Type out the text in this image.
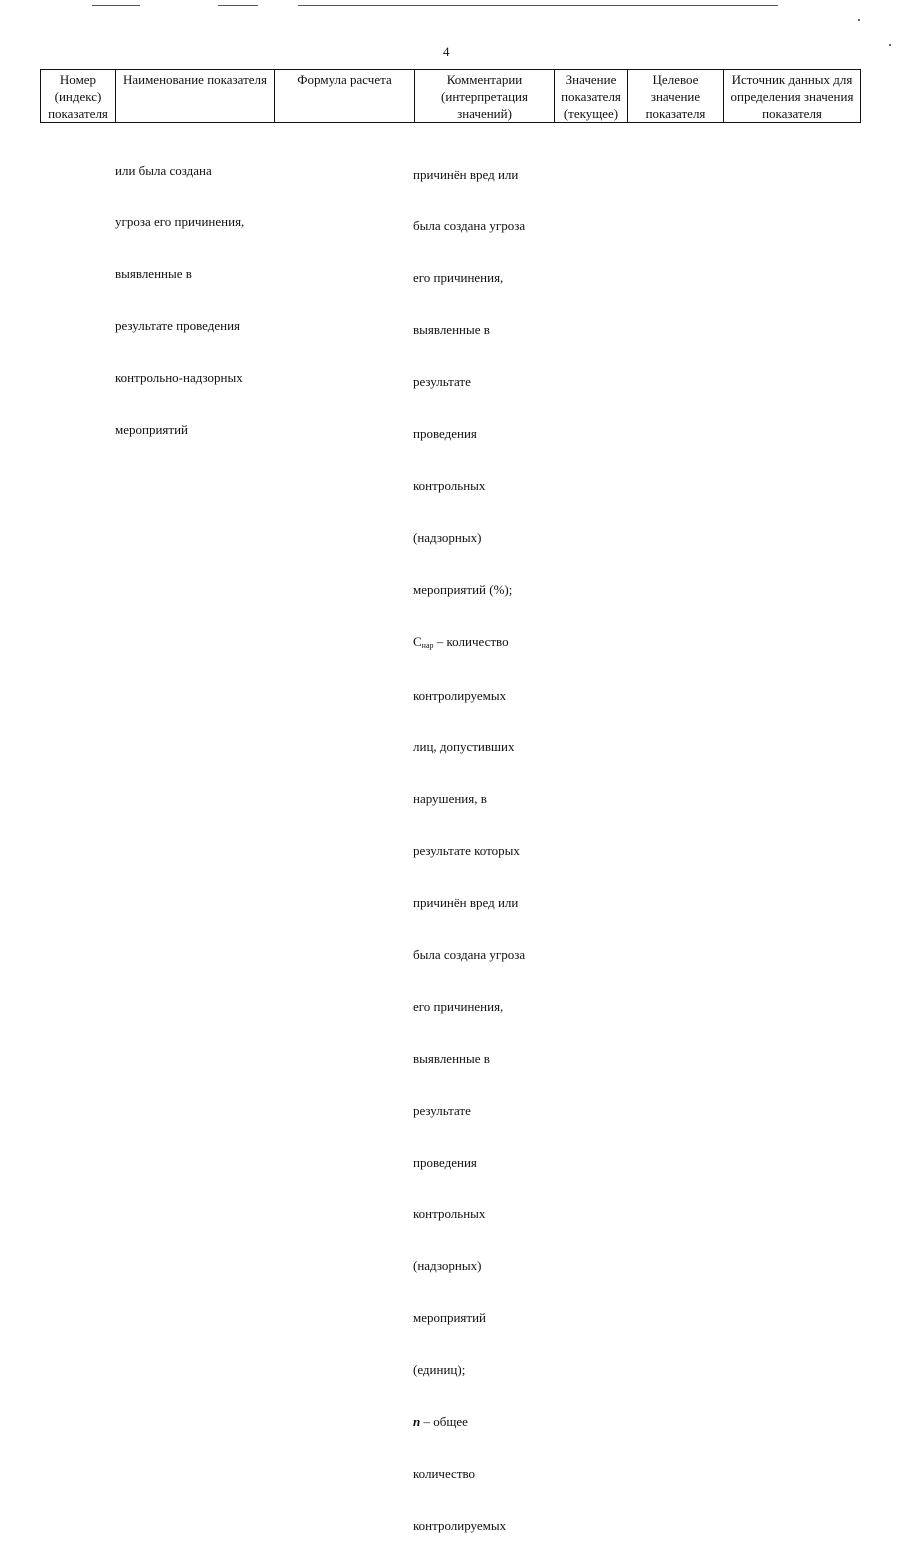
4
Номер (индекс) показателя	Наименование показателя	Формула расчета	Комментарии (интерпретация значений)	Значение показателя (текущее)	Целевое значение показателя	Источник данных для определения значения показателя

или была создана

угроза его причинения,

выявленные в

результате проведения

контрольно-надзорных

мероприятий

причинён вред или

была создана угроза

его причинения,

выявленные в

результате

проведения

контрольных

(надзорных)

мероприятий (%);

$С_{нар}$ – количество

контролируемых

лиц, допустивших

нарушения, в

результате которых

причинён вред или

была создана угроза

его причинения,

выявленные в

результате

проведения

контрольных

(надзорных)

мероприятий

(единиц);

n – общее

количество

контролируемых
